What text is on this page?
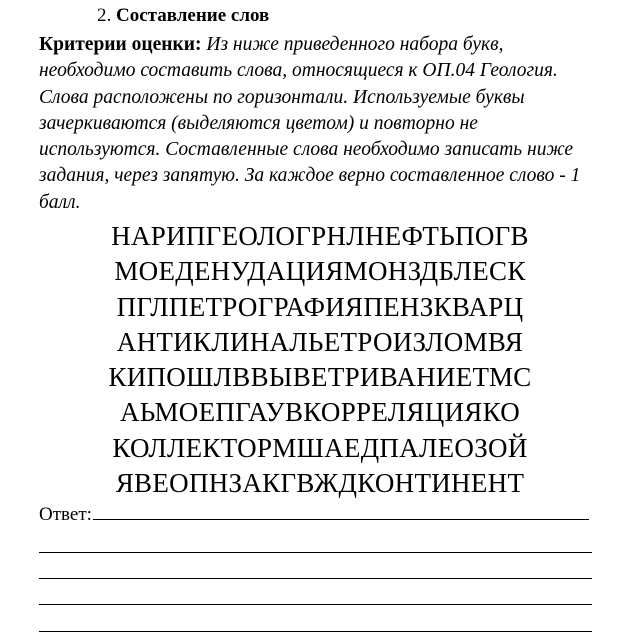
2. Составление слов
Критерии оценки: Из ниже приведенного набора букв, необходимо составить слова, относящиеся к ОП.04 Геология. Слова расположены по горизонтали. Используемые буквы зачеркиваются (выделяются цветом) и повторно не используются. Составленные слова необходимо записать ниже задания, через запятую. За каждое верно составленное слово - 1 балл.
НАРИПГЕОЛОГРНЛНЕФТЬПОГВ
МОЕДЕНУДАЦИЯМОНЗДБЛЕСК
ПГЛПЕТРОГРАФИЯПЕНЗКВАРЦ
АНТИКЛИНАЛЬЕТРОИЗЛОМВЯ
КИПОШЛВВЫВЕТРИВАНИЕТМС
АЬМОЕПГАУВКОРРЕЛЯЦИЯКО
КОЛЛЕКТОРМШАЕДПАЛЕОЗОЙ
ЯВЕОПНЗАКГВЖДКОНТИНЕНТ
Ответ:
